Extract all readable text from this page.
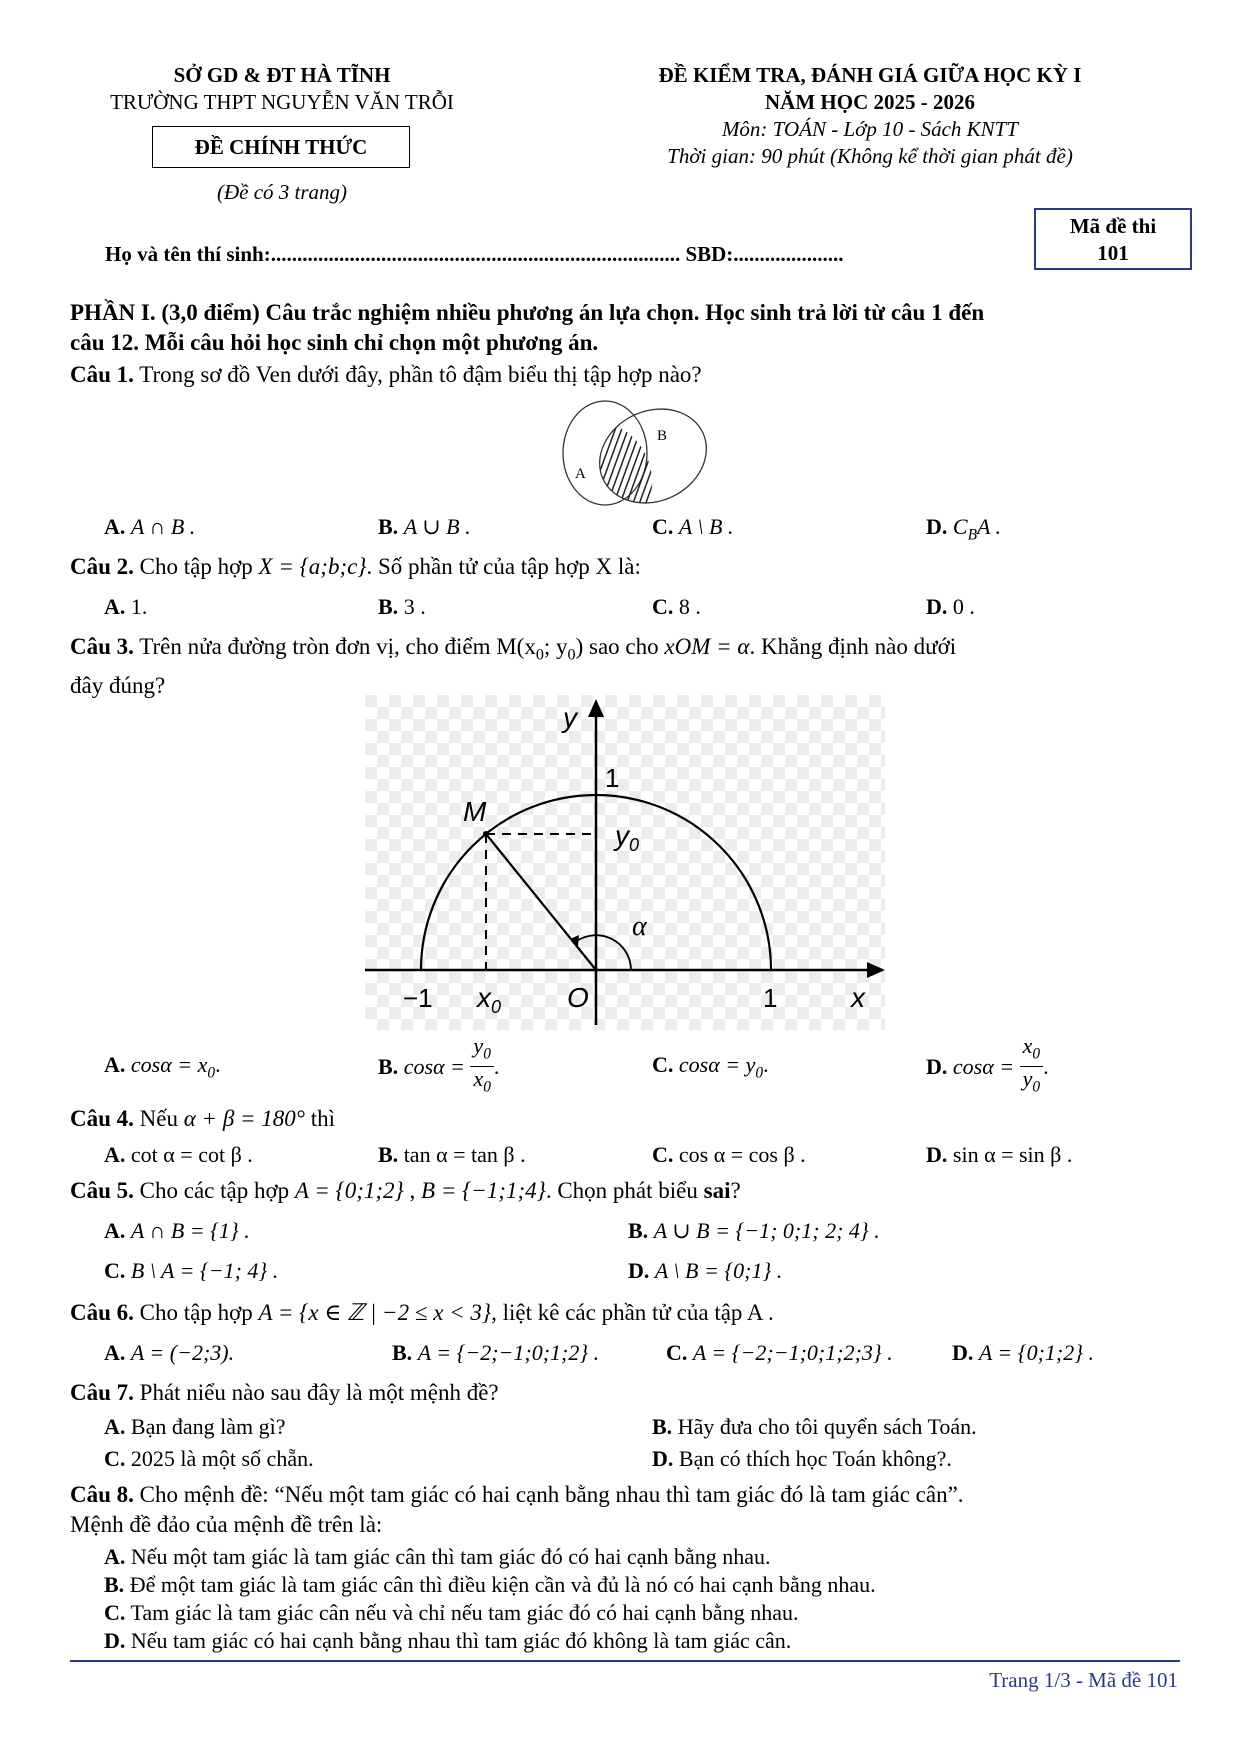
SỞ GD & ĐT HÀ TĨNH
TRƯỜNG THPT NGUYỄN VĂN TRỖI
ĐỀ CHÍNH THỨC
(Đề có 3 trang)
ĐỀ KIỂM TRA, ĐÁNH GIÁ GIỮA HỌC KỲ I
NĂM HỌC 2025 - 2026
Môn: TOÁN - Lớp 10 - Sách KNTT
Thời gian: 90 phút (Không kể thời gian phát đề)
Mã đề thi
101
Họ và tên thí sinh:.............................................................................. SBD:.....................
PHẦN I. (3,0 điểm) Câu trắc nghiệm nhiều phương án lựa chọn. Học sinh trả lời từ câu 1 đến
câu 12. Mỗi câu hỏi học sinh chỉ chọn một phương án.
Câu 1. Trong sơ đồ Ven dưới đây, phần tô đậm biểu thị tập hợp nào?
B
A
A. A ∩ B .	B. A ∪ B .	C. A \ B .	D. $C_BA$ .
Câu 2. Cho tập hợp X = {a;b;c}. Số phần tử của tập hợp X là:
A. 1.	B. 3 .	C. 8 .	D. 0 .
Câu 3. Trên nửa đường tròn đơn vị, cho điểm $M(x_0$; $y_0$) sao cho xOM = α. Khẳng định nào dưới
đây đúng?
y
1
M
$y_0$
α
−1 $x_0$ O	1	x
A. $\cos\alpha = x_0$.	B.
cosα =
$\frac{y_0}{x_0}$ .	C. $\cos\alpha = y_0$.	D.
cosα =
$\frac{x_0}{y_0}$ .
Câu 4. Nếu α + β = 180° thì
A. cot α = cot β .	B. tan α = tan β .	C. cos α = cos β .	D. sin α = sin β .
Câu 5. Cho các tập hợp A = {0;1;2} , B = {−1;1;4}. Chọn phát biểu sai?
A. A ∩ B = {1} .	B. A ∪ B = {−1; 0;1; 2; 4} .
C. B \ A = {−1; 4} .	D. A \ B = {0;1} .
Câu 6. Cho tập hợp A = {x ∈ ℤ | −2 ≤ x < 3}, liệt kê các phần tử của tập A .
A. A = (−2;3).	B. A = {−2;−1;0;1;2} .	C. A = {−2;−1;0;1;2;3} .	D. A = {0;1;2} .
Câu 7. Phát niểu nào sau đây là một mệnh đề?
A. Bạn đang làm gì?	B. Hãy đưa cho tôi quyển sách Toán.
C. 2025 là một số chẵn.	D. Bạn có thích học Toán không?.
Câu 8. Cho mệnh đề: “Nếu một tam giác có hai cạnh bằng nhau thì tam giác đó là tam giác cân”.
Mệnh đề đảo của mệnh đề trên là:
A. Nếu một tam giác là tam giác cân thì tam giác đó có hai cạnh bằng nhau.
B. Để một tam giác là tam giác cân thì điều kiện cần và đủ là nó có hai cạnh bằng nhau.
C. Tam giác là tam giác cân nếu và chỉ nếu tam giác đó có hai cạnh bằng nhau.
D. Nếu tam giác có hai cạnh bằng nhau thì tam giác đó không là tam giác cân.
Trang 1/3 - Mã đề 101
